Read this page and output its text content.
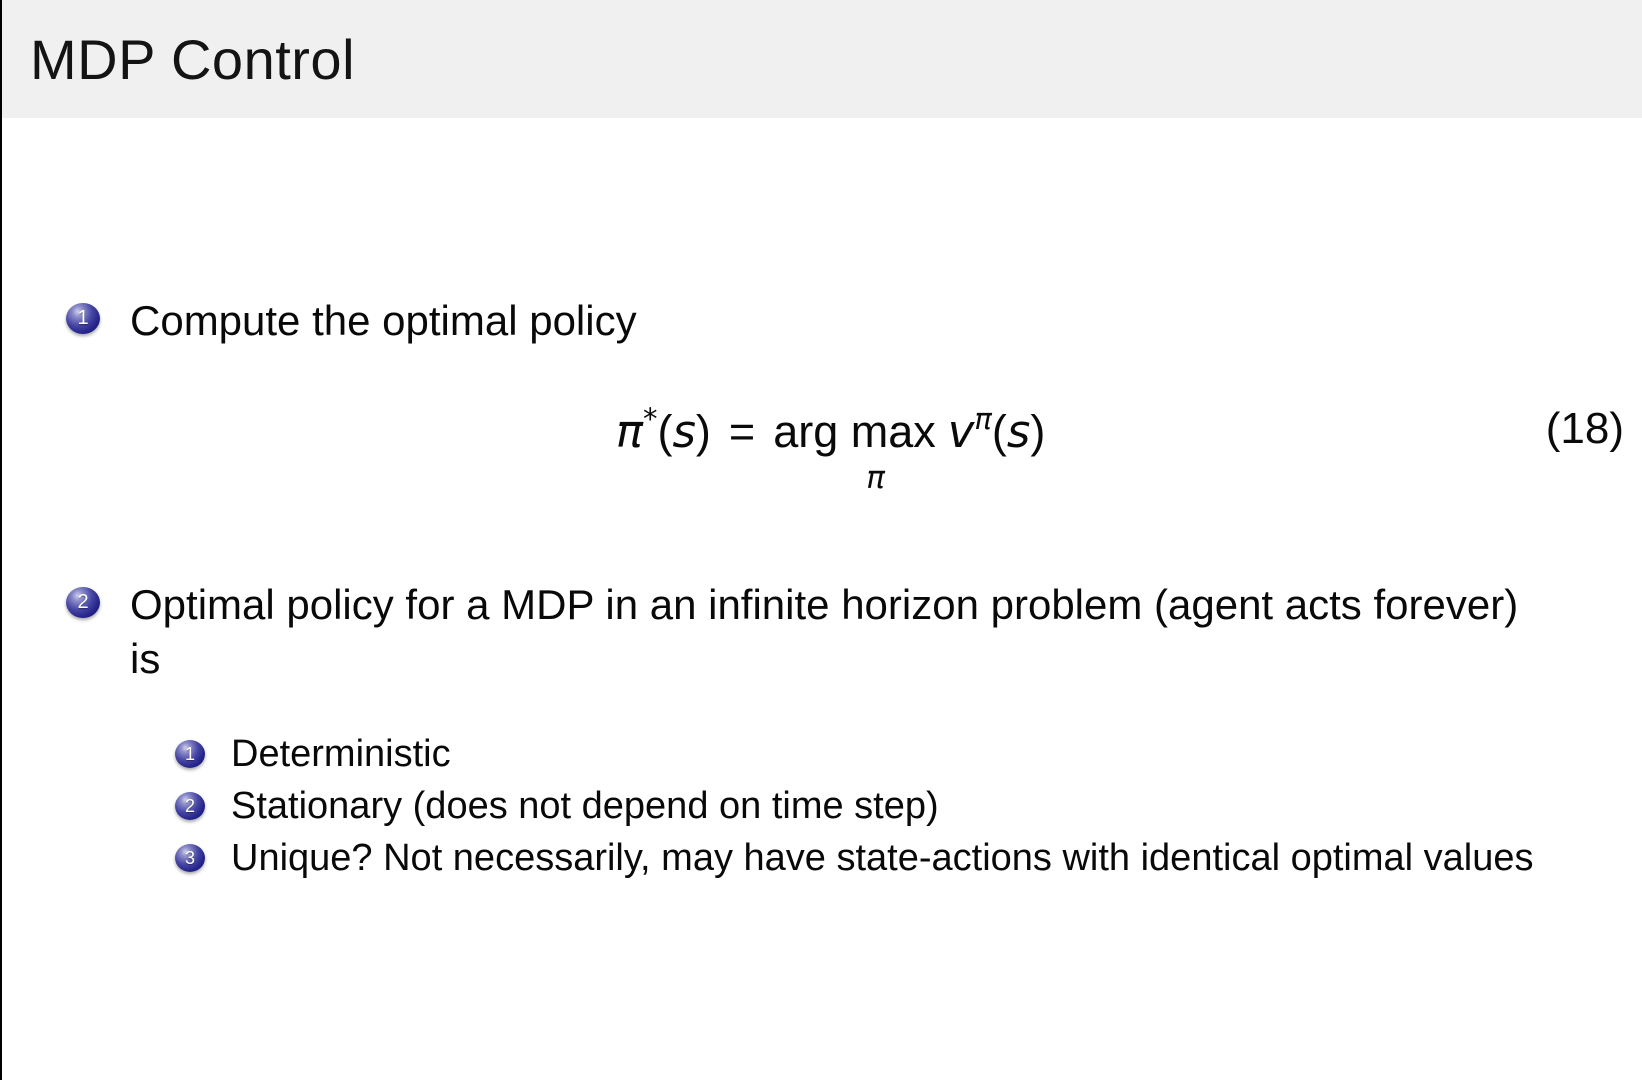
MDP Control
1 Compute the optimal policy
π*(s) = arg max
π
$v^\pi(s)$	(18)
2 Optimal policy for a MDP in an infinite horizon problem (agent acts forever) is
1 Deterministic
2 Stationary (does not depend on time step)
3 Unique? Not necessarily, may have state-actions with identical optimal values
